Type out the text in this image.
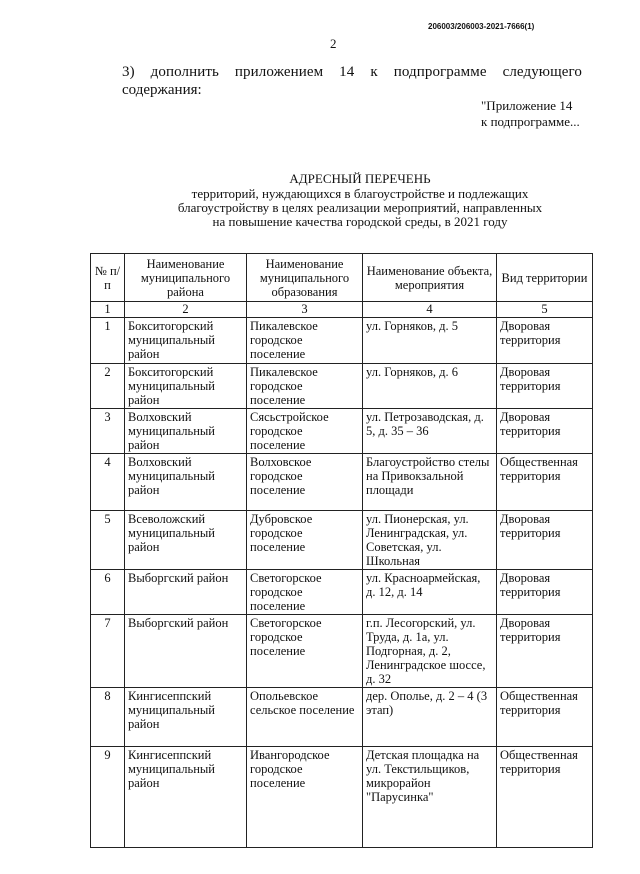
206003/206003-2021-7666(1)
2
3) дополнить приложением 14 к подпрограмме следующего
содержания:
"Приложение 14
к подпрограмме...
АДРЕСНЫЙ ПЕРЕЧЕНЬ
территорий, нуждающихся в благоустройстве и подлежащих
благоустройству в целях реализации мероприятий, направленных
на повышение качества городской среды, в 2021 году
№ п/п	Наименование муниципального района	Наименование муниципального образования	Наименование объекта, мероприятия	Вид территории
1	2	3	4	5
1	Бокситогорский муниципальный район	Пикалевское городское поселение	ул. Горняков, д. 5	Дворовая территория
2	Бокситогорский муниципальный район	Пикалевское городское поселение	ул. Горняков, д. 6	Дворовая территория
3	Волховский муниципальный район	Сясьстройское городское поселение	ул. Петрозаводская, д. 5, д. 35 – 36	Дворовая территория
4	Волховский муниципальный район	Волховское городское поселение	Благоустройство стелы на Привокзальной площади	Общественная территория
5	Всеволожский муниципальный район	Дубровское городское поселение	ул. Пионерская, ул. Ленинградская, ул. Советская, ул. Школьная	Дворовая территория
6	Выборгский район	Светогорское городское поселение	ул. Красноармейская, д. 12, д. 14	Дворовая территория
7	Выборгский район	Светогорское городское поселение	г.п. Лесогорский, ул. Труда, д. 1а, ул. Подгорная, д. 2, Ленинградское шоссе, д. 32	Дворовая территория
8	Кингисеппский муниципальный район	Опольевское сельское поселение	дер. Ополье, д. 2 – 4 (3 этап)	Общественная территория
9	Кингисеппский муниципальный район	Ивангородское городское поселение	Детская площадка на ул. Текстильщиков, микрорайон "Парусинка"	Общественная территория
